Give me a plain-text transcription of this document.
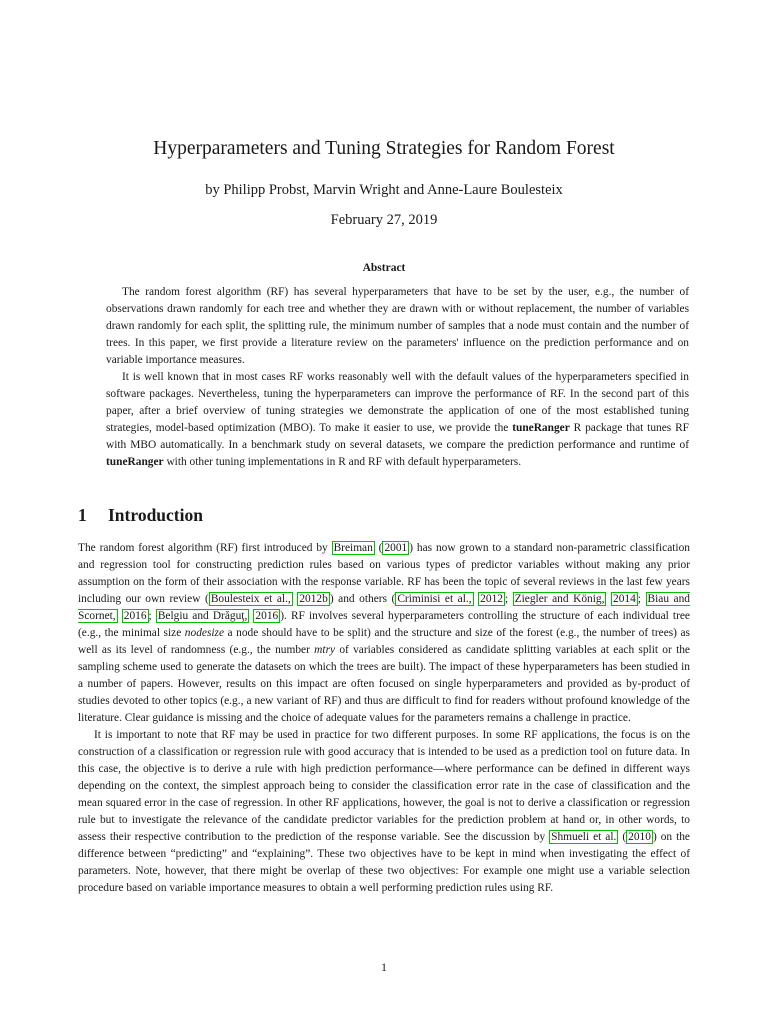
Hyperparameters and Tuning Strategies for Random Forest
by Philipp Probst, Marvin Wright and Anne-Laure Boulesteix
February 27, 2019
Abstract

The random forest algorithm (RF) has several hyperparameters that have to be set by the user, e.g., the number of observations drawn randomly for each tree and whether they are drawn with or without replacement, the number of variables drawn randomly for each split, the splitting rule, the minimum number of samples that a node must contain and the number of trees. In this paper, we first provide a literature review on the parameters' influence on the prediction performance and on variable importance measures.

It is well known that in most cases RF works reasonably well with the default values of the hyperparameters specified in software packages. Nevertheless, tuning the hyperparameters can improve the performance of RF. In the second part of this paper, after a brief overview of tuning strategies we demonstrate the application of one of the most established tuning strategies, model-based optimization (MBO). To make it easier to use, we provide the tuneRanger R package that tunes RF with MBO automatically. In a benchmark study on several datasets, we compare the prediction performance and runtime of tuneRanger with other tuning implementations in R and RF with default hyperparameters.

1 Introduction

The random forest algorithm (RF) first introduced by Breiman ( 2001 ) has now grown to a standard non-parametric classification and regression tool for constructing prediction rules based on various types of predictor variables without making any prior assumption on the form of their association with the response variable. RF has been the topic of several reviews in the last few years including our own review ( Boulesteix et al., 2012b ) and others ( Criminisi et al., 2012 ; Ziegler and König, 2014 ; Biau and Scornet, 2016 ; Belgiu and Drăguţ, 2016 ). RF involves several hyperparameters controlling the structure of each individual tree (e.g., the minimal size nodesize a node should have to be split) and the structure and size of the forest (e.g., the number of trees) as well as its level of randomness (e.g., the number mtry of variables considered as candidate splitting variables at each split or the sampling scheme used to generate the datasets on which the trees are built). The impact of these hyperparameters has been studied in a number of papers. However, results on this impact are often focused on single hyperparameters and provided as by-product of studies devoted to other topics (e.g., a new variant of RF) and thus are difficult to find for readers without profound knowledge of the literature. Clear guidance is missing and the choice of adequate values for the parameters remains a challenge in practice.

It is important to note that RF may be used in practice for two different purposes. In some RF applications, the focus is on the construction of a classification or regression rule with good accuracy that is intended to be used as a prediction tool on future data. In this case, the objective is to derive a rule with high prediction performance—where performance can be defined in different ways depending on the context, the simplest approach being to consider the classification error rate in the case of classification and the mean squared error in the case of regression. In other RF applications, however, the goal is not to derive a classification or regression rule but to investigate the relevance of the candidate predictor variables for the prediction problem at hand or, in other words, to assess their respective contribution to the prediction of the response variable. See the discussion by Shmueli et al. ( 2010 ) on the difference between “predicting” and “explaining”. These two objectives have to be kept in mind when investigating the effect of parameters. Note, however, that there might be overlap of these two objectives: For example one might use a variable selection procedure based on variable importance measures to obtain a well performing prediction rules using RF.

1
